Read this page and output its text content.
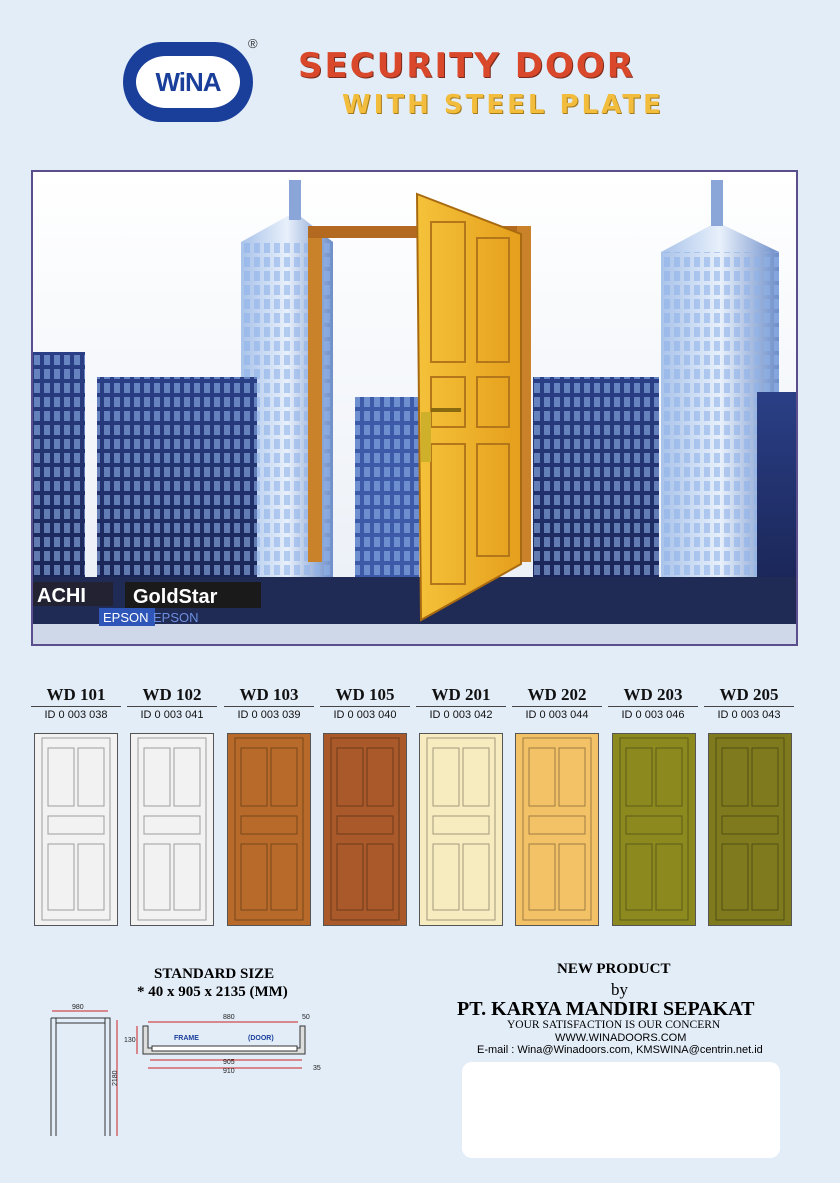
WiNA
®
SECURITY DOOR
WITH STEEL PLATE
ACHI GoldStar
EPSON EPSON
WD 101
ID 0 003 038
WD 102
ID 0 003 041
WD 103
ID 0 003 039
WD 105
ID 0 003 040
WD 201
ID 0 003 042
WD 202
ID 0 003 044
WD 203
ID 0 003 046
WD 205
ID 0 003 043
STANDARD SIZE
* 40 x 905 x 2135 (MM)
980
2180
880	50
130	FRAME	(DOOR)
905
910	35
NEW PRODUCT
by
PT. KARYA MANDIRI SEPAKAT
YOUR SATISFACTION IS OUR CONCERN
WWW.WINADOORS.COM
E-mail : Wina@Winadoors.com, KMSWINA@centrin.net.id
